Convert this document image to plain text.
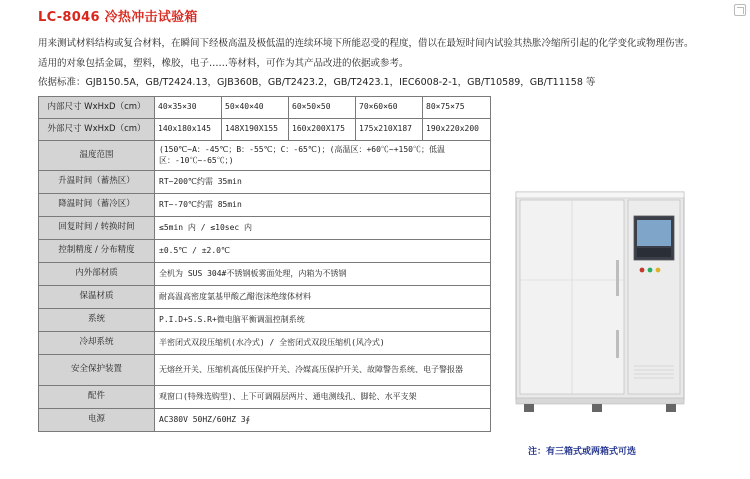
LC-8046 冷热冲击试验箱
用来测试材料结构或复合材料，在瞬间下经极高温及极低温的连续环境下所能忍受的程度，借以在最短时间内试验其热胀冷缩所引起的化学变化或物理伤害。
适用的对象包括金属，塑料，橡胶，电子……等材料，可作为其产品改进的依据或参考。
依据标准：GJB150.5A，GB/T2424.13，GJB360B，GB/T2423.2，GB/T2423.1，IEC6008-2-1，GB/T10589，GB/T11158 等
内部尺寸 WxHxD（cm）	40×35×30	50×40×40	60×50×50	70×60×60	80×75×75
外部尺寸 WxHxD（cm）	140x180x145	148X190X155	160x200X175	175x210X187	190x220x200
温度范围	(150℃~A：-45℃；B：-55℃；C：-65℃)；(高温区：+60℃~+150℃；低温区：-10℃~-65℃；)				
升温时间（蓄热区）	RT~200℃约需 35min				
降温时间（蓄冷区）	RT~-70℃约需 85min				
回复时间 / 转换时间	≤5min 内 / ≤10sec 内				
控制精度 / 分布精度	±0.5℃ / ±2.0℃				
内外部材质	全机为 SUS 304#不锈钢板雾面处理，内箱为不锈钢				
保温材质	耐高温高密度氯基甲酸乙醋泡沫绝缘体材料				
系统	P.I.D+S.S.R+微电脑平衡调温控制系统				
冷却系统	半密闭式双段压缩机(水冷式) / 全密闭式双段压缩机(风冷式)				
安全保护装置	无熔丝开关、压缩机高低压保护开关、冷媒高压保护开关、故障警告系统、电子警报器				
配件	观窗口(特殊选购型)、上下可调隔层两片、通电测线孔、脚轮、水平支架				
电源	AC380V 50HZ/60HZ 3∮				
注：有三箱式或两箱式可选
